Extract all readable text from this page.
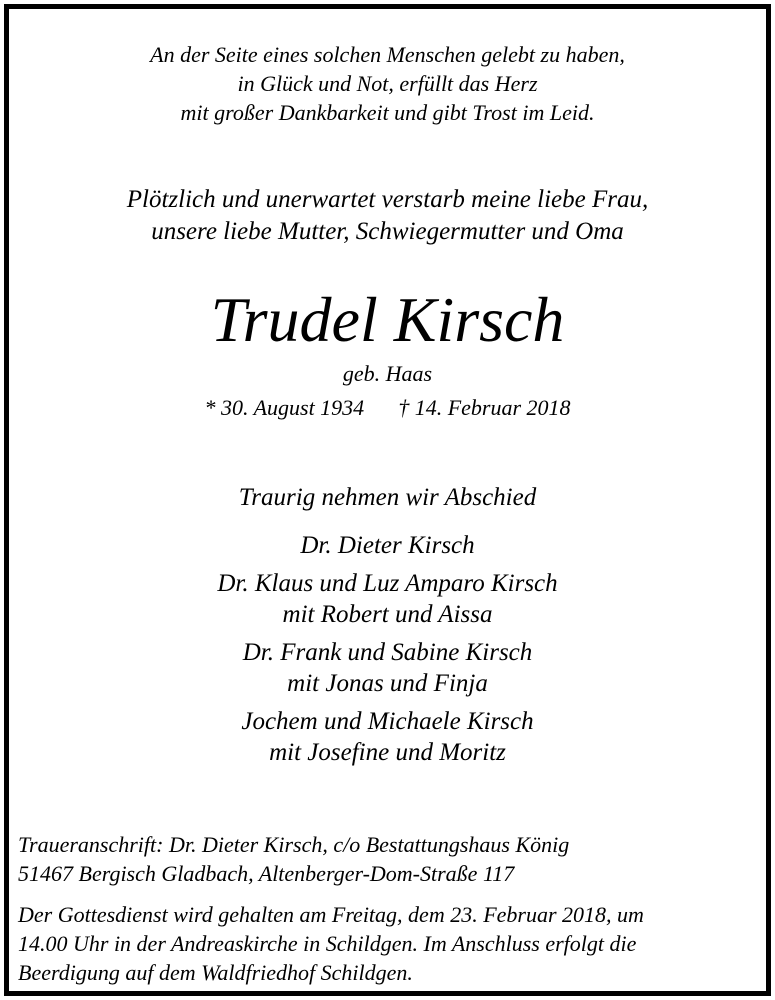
An der Seite eines solchen Menschen gelebt zu haben,
in Glück und Not, erfüllt das Herz
mit großer Dankbarkeit und gibt Trost im Leid.
Plötzlich und unerwartet verstarb meine liebe Frau,
unsere liebe Mutter, Schwiegermutter und Oma
Trudel Kirsch
geb. Haas
* 30. August 1934 † 14. Februar 2018
Traurig nehmen wir Abschied
Dr. Dieter Kirsch
Dr. Klaus und Luz Amparo Kirsch
mit Robert und Aissa
Dr. Frank und Sabine Kirsch
mit Jonas und Finja
Jochem und Michaele Kirsch
mit Josefine und Moritz
Traueranschrift: Dr. Dieter Kirsch, c/o Bestattungshaus König
51467 Bergisch Gladbach, Altenberger-Dom-Straße 117
Der Gottesdienst wird gehalten am Freitag, dem 23. Februar 2018, um
14.00 Uhr in der Andreaskirche in Schildgen. Im Anschluss erfolgt die
Beerdigung auf dem Waldfriedhof Schildgen.
